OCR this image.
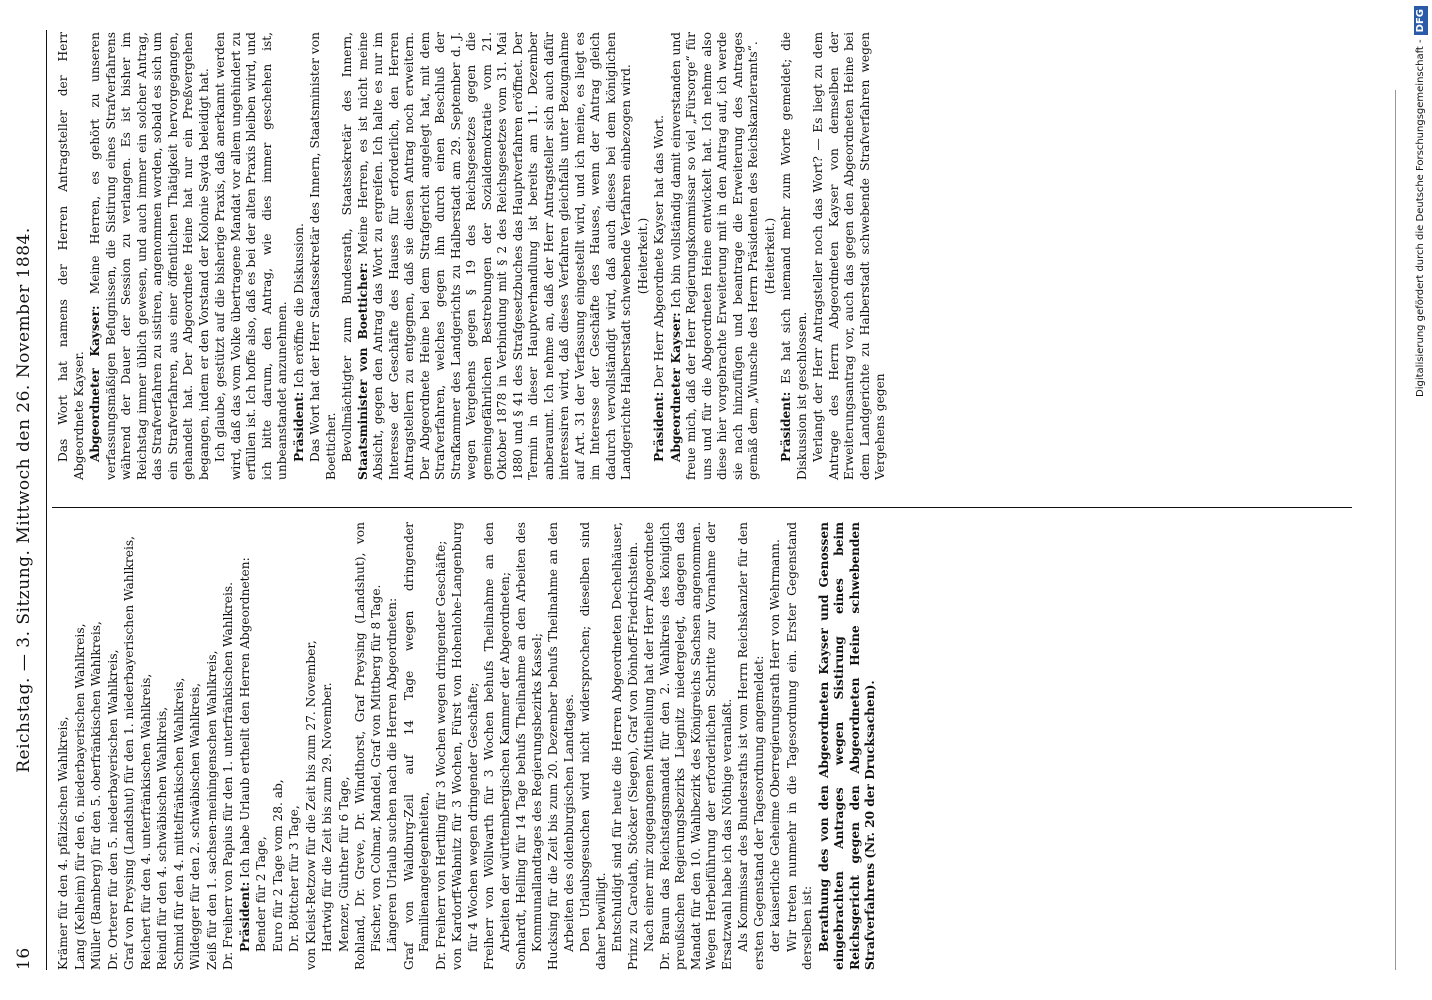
16
Reichstag. — 3. Sitzung. Mittwoch den 26. November 1884.

Krämer für den 4. pfälzischen Wahlkreis, Lang (Kelheim) für den 6. niederbayerischen Wahlkreis, Müller (Bamberg) für den 5. oberfränkischen Wahlkreis, Dr. Orterer für den 5. niederbayerischen Wahlkreis, Graf von Preysing (Landshut) für den 1. niederbayerischen Wahlkreis, Reichert für den 4. unterfränkischen Wahlkreis, Reindl für den 4. schwäbischen Wahlkreis, Schmid für den 4. mittelfränkischen Wahlkreis, Wildegger für den 2. schwäbischen Wahlkreis, Zeiß für den 1. sachsen-meiningenschen Wahlkreis, Dr. Freiherr von Papius für den 1. unterfränkischen Wahlkreis. Präsident: Ich habe Urlaub ertheilt den Herren Abgeordneten:

Bender für 2 Tage, Euro für 2 Tage vom 28. ab, Dr. Böttcher für 3 Tage, von Kleist-Retzow für die Zeit bis zum 27. November, Hartwig für die Zeit bis zum 29. November. Menzer, Günther für 6 Tage, Rohland, Dr. Greve, Dr. Windthorst, Graf Preysing (Landshut), von Fischer, von Colmar, Mandel, Graf von Mittberg für 8 Tage. Längeren Urlaub suchen nach die Herren Abgeordneten: Graf von Waldburg-Zeil auf 14 Tage wegen dringender Familienangelegenheiten, Dr. Freiherr von Hertling für 3 Wochen wegen dringender Geschäfte; von Kardorff-Wabnitz für 3 Wochen, Fürst von Hohenlohe-Langenburg für 4 Wochen wegen dringender Geschäfte; Freiherr von Wöllwarth für 3 Wochen behufs Theilnahme an den Arbeiten der württembergischen Kammer der Abgeordneten; Sonhardt, Helling für 14 Tage behufs Theilnahme an den Arbeiten des Kommunallandtages des Regierungsbezirks Kassel; Hucksing für die Zeit bis zum 20. Dezember behufs Theilnahme an den Arbeiten des oldenburgischen Landtages. Den Urlaubsgesuchen wird nicht widersprochen; dieselben sind daher bewilligt. Entschuldigt sind für heute die Herren Abgeordneten Dechelhäuser, Prinz zu Carolath, Stöcker (Siegen), Graf von Dönhoff-Friedrichstein. Nach einer mir zugegangenen Mittheilung hat der Herr Abgeordnete Dr. Braun das Reichstagsmandat für den 2. Wahlkreis des königlich preußischen Regierungsbezirks Liegnitz niedergelegt, dagegen das Mandat für den 10. Wahlbezirk des Königreichs Sachsen angenommen. Wegen Herbeiführung der erforderlichen Schritte zur Vornahme der Ersatzwahl habe ich das Nöthige veranlaßt. Als Kommissar des Bundesraths ist vom Herrn Reichskanzler für den ersten Gegenstand der Tagesordnung angemeldet: der kaiserliche Geheime Oberregierungsrath Herr von Wehrmann. Wir treten nunmehr in die Tagesordnung ein. Erster Gegenstand derselben ist: Berathung des von den Abgeordneten Kayser und Genossen eingebrachten Antrages wegen Sistirung eines beim Reichsgericht gegen den Abgeordneten Heine schwebenden Strafverfahrens (Nr. 20 der Drucksachen).

Das Wort hat namens der Herren Antragsteller der Herr Abgeordnete Kayser. Abgeordneter Kayser: Meine Herren, es gehört zu unseren verfassungsmäßigen Befugnissen, die Sistirung eines Strafverfahrens während der Dauer der Session zu verlangen. Es ist bisher im Reichstag immer üblich gewesen, und auch immer ein solcher Antrag, das Strafverfahren zu sistiren, angenommen worden, sobald es sich um ein Strafverfahren, aus einer öffentlichen Thätigkeit hervorgegangen, gehandelt hat. Der Abgeordnete Heine hat nur ein Preßvergehen begangen, indem er den Vorstand der Kolonie Sayda beleidigt hat. Ich glaube, gestützt auf die bisherige Praxis, daß anerkannt werden wird, daß das vom Volke übertragene Mandat vor allem ungehindert zu erfüllen ist. Ich hoffe also, daß es bei der alten Praxis bleiben wird, und ich bitte darum, den Antrag, wie dies immer geschehen ist, unbeanstandet anzunehmen. Präsident: Ich eröffne die Diskussion. Das Wort hat der Herr Staatssekretär des Innern, Staatsminister von Boetticher. Bevollmächtigter zum Bundesrath, Staatssekretär des Innern, Staatsminister von Boetticher: Meine Herren, es ist nicht meine Absicht, gegen den Antrag das Wort zu ergreifen. Ich halte es nur im Interesse der Geschäfte des Hauses für erforderlich, den Herren Antragstellern zu entgegnen, daß sie diesen Antrag noch erweitern. Der Abgeordnete Heine bei dem Strafgericht angelegt hat, mit dem Strafverfahren, welches gegen ihn durch einen Beschluß der Strafkammer des Landgerichts zu Halberstadt am 29. September d. J. wegen Vergehens gegen § 19 des Reichsgesetzes gegen die gemeingefährlichen Bestrebungen der Sozialdemokratie vom 21. Oktober 1878 in Verbindung mit § 2 des Reichsgesetzes vom 31. Mai 1880 und § 41 des Strafgesetzbuches das Hauptverfahren eröffnet. Der Termin in dieser Hauptverhandlung ist bereits am 11. Dezember anberaumt. Ich nehme an, daß der Herr Antragsteller sich auch dafür interessiren wird, daß dieses Verfahren gleichfalls unter Bezugnahme auf Art. 31 der Verfassung eingestellt wird, und ich meine, es liegt es im Interesse der Geschäfte des Hauses, wenn der Antrag gleich dadurch vervollständigt wird, daß auch dieses bei dem königlichen Landgerichte Halberstadt schwebende Verfahren einbezogen wird. (Heiterkeit.)

Präsident: Der Herr Abgeordnete Kayser hat das Wort. Abgeordneter Kayser: Ich bin vollständig damit einverstanden und freue mich, daß der Herr Regierungskommissar so viel „Fürsorge“ für uns und für die Abgeordneten Heine entwickelt hat. Ich nehme also diese hier vorgebrachte Erweiterung mit in den Antrag auf, ich werde sie nach hinzufügen und beantrage die Erweiterung des Antrages gemäß dem „Wunsche des Herrn Präsidenten des Reichskanzleramts“. (Heiterkeit.)

Präsident: Es hat sich niemand mehr zum Worte gemeldet; die Diskussion ist geschlossen. Verlangt der Herr Antragsteller noch das Wort? — Es liegt zu dem Antrage des Herrn Abgeordneten Kayser von demselben der Erweiterungsantrag vor, auch das gegen den Abgeordneten Heine bei dem Landgerichte zu Halberstadt schwebende Strafverfahren wegen Vergehens gegen

Digitalisierung gefördert durch die Deutsche Forschungsgemeinschaft -DFG
